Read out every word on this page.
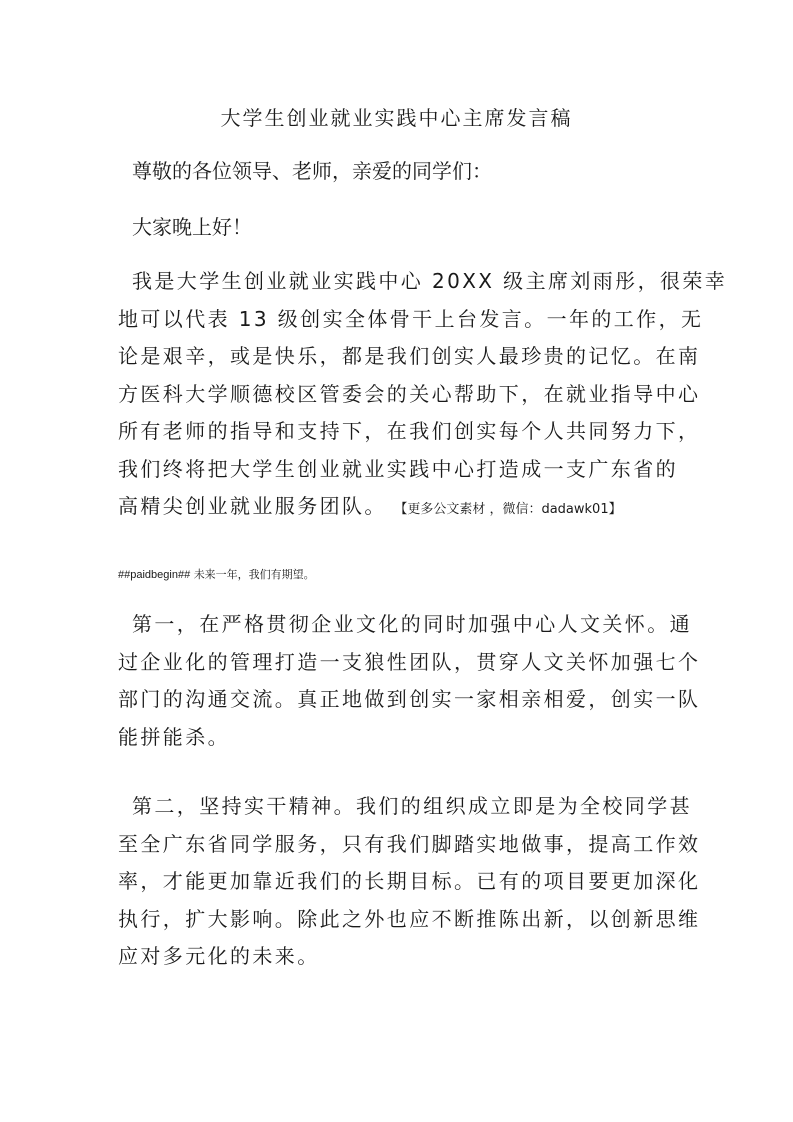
大学生创业就业实践中心主席发言稿
尊敬的各位领导、老师，亲爱的同学们：
大家晚上好！
我是大学生创业就业实践中心 20XX 级主席刘雨彤，很荣幸
地可以代表 13 级创实全体骨干上台发言。一年的工作，无
论是艰辛，或是快乐，都是我们创实人最珍贵的记忆。在南
方医科大学顺德校区管委会的关心帮助下，在就业指导中心
所有老师的指导和支持下，在我们创实每个人共同努力下，
我们终将把大学生创业就业实践中心打造成一支广东省的
高精尖创业就业服务团队。 【更多公文素材 ，微信：dadawk01】
##paidbegin## 未来一年，我们有期望。
第一，在严格贯彻企业文化的同时加强中心人文关怀。通
过企业化的管理打造一支狼性团队，贯穿人文关怀加强七个
部门的沟通交流。真正地做到创实一家相亲相爱，创实一队
能拼能杀。
第二，坚持实干精神。我们的组织成立即是为全校同学甚
至全广东省同学服务，只有我们脚踏实地做事，提高工作效
率，才能更加靠近我们的长期目标。已有的项目要更加深化
执行，扩大影响。除此之外也应不断推陈出新，以创新思维
应对多元化的未来。
